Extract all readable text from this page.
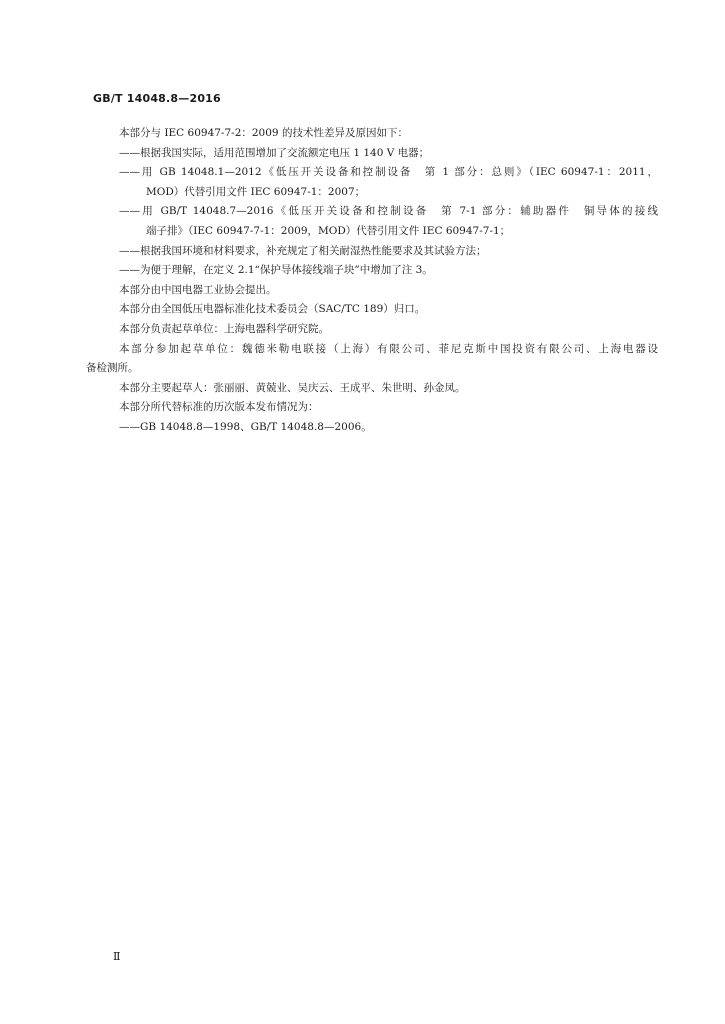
GB/T 14048.8—2016
本部分与 IEC 60947-7-2：2009 的技术性差异及原因如下：
——根据我国实际，适用范围增加了交流额定电压 1 140 V 电器；
——用 GB 14048.1—2012《低压开关设备和控制设备　第 1 部分：总则》（IEC 60947-1：2011，
MOD）代替引用文件 IEC 60947-1：2007；
——用 GB/T 14048.7—2016《低压开关设备和控制设备　第 7-1 部分：辅助器件　铜导体的接线
端子排》（IEC 60947-7-1：2009，MOD）代替引用文件 IEC 60947-7-1；
——根据我国环境和材料要求，补充规定了相关耐湿热性能要求及其试验方法；
——为便于理解，在定义 2.1“保护导体接线端子块”中增加了注 3。
本部分由中国电器工业协会提出。
本部分由全国低压电器标准化技术委员会（SAC/TC 189）归口。
本部分负责起草单位：上海电器科学研究院。
本部分参加起草单位：魏德米勒电联接（上海）有限公司、菲尼克斯中国投资有限公司、上海电器设
备检测所。
本部分主要起草人：张丽丽、黄兢业、吴庆云、王成平、朱世明、孙金凤。
本部分所代替标准的历次版本发布情况为：
——GB 14048.8—1998、GB/T 14048.8—2006。
Ⅱ
